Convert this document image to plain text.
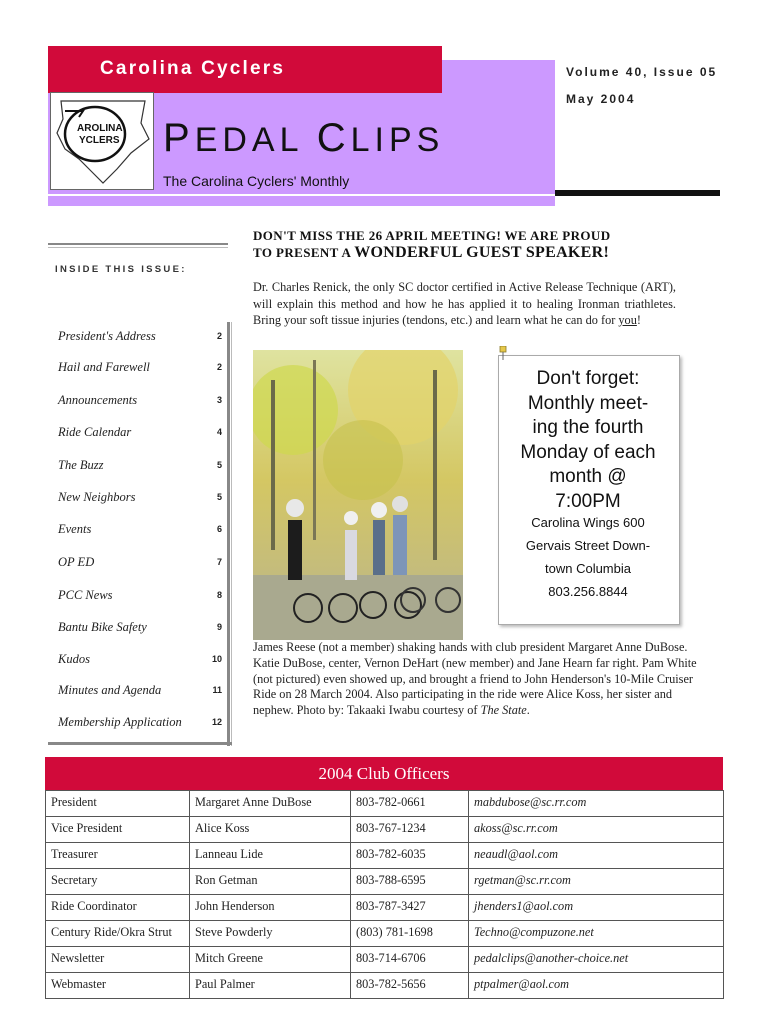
Carolina Cyclers	Volume 40, Issue 05
May 2004
AROLINA
YCLERS PEDAL CLIPS
The Carolina Cyclers' Monthly
INSIDE THIS ISSUE:
President's Address	2
Hail and Farewell	2
Announcements	3
Ride Calendar	4
The Buzz	5
New Neighbors	5
Events	6
OP ED	7
PCC News	8
Bantu Bike Safety	9
Kudos	10
Minutes and Agenda	11
Membership Application	12
DON'T MISS THE 26 APRIL MEETING! WE ARE PROUD
TO PRESENT A WONDERFUL GUEST SPEAKER!
Dr. Charles Renick, the only SC doctor certified in Active Release Technique (ART), will explain this method and how he has applied it to healing Ironman triathletes. Bring your soft tissue injuries (tendons, etc.) and learn what he can do for you!
Don't forget:
Monthly meet-
ing the fourth
Monday of each
month @
7:00PM
Carolina Wings 600
Gervais Street Down-
town Columbia
803.256.8844
James Reese (not a member) shaking hands with club president Margaret Anne DuBose. Katie DuBose, center, Vernon DeHart (new member) and Jane Hearn far right. Pam White (not pictured) even showed up, and brought a friend to John Henderson's 10-Mile Cruiser Ride on 28 March 2004. Also participating in the ride were Alice Koss, her sister and nephew. Photo by: Takaaki Iwabu courtesy of The State.
2004 Club Officers
President	Margaret Anne DuBose	803-782-0661	mabdubose@sc.rr.com
Vice President	Alice Koss	803-767-1234	akoss@sc.rr.com
Treasurer	Lanneau Lide	803-782-6035	neaudl@aol.com
Secretary	Ron Getman	803-788-6595	rgetman@sc.rr.com
Ride Coordinator	John Henderson	803-787-3427	jhenders1@aol.com
Century Ride/Okra Strut	Steve Powderly	(803) 781-1698	Techno@compuzone.net
Newsletter	Mitch Greene	803-714-6706	pedalclips@another-choice.net
Webmaster	Paul Palmer	803-782-5656	ptpalmer@aol.com
